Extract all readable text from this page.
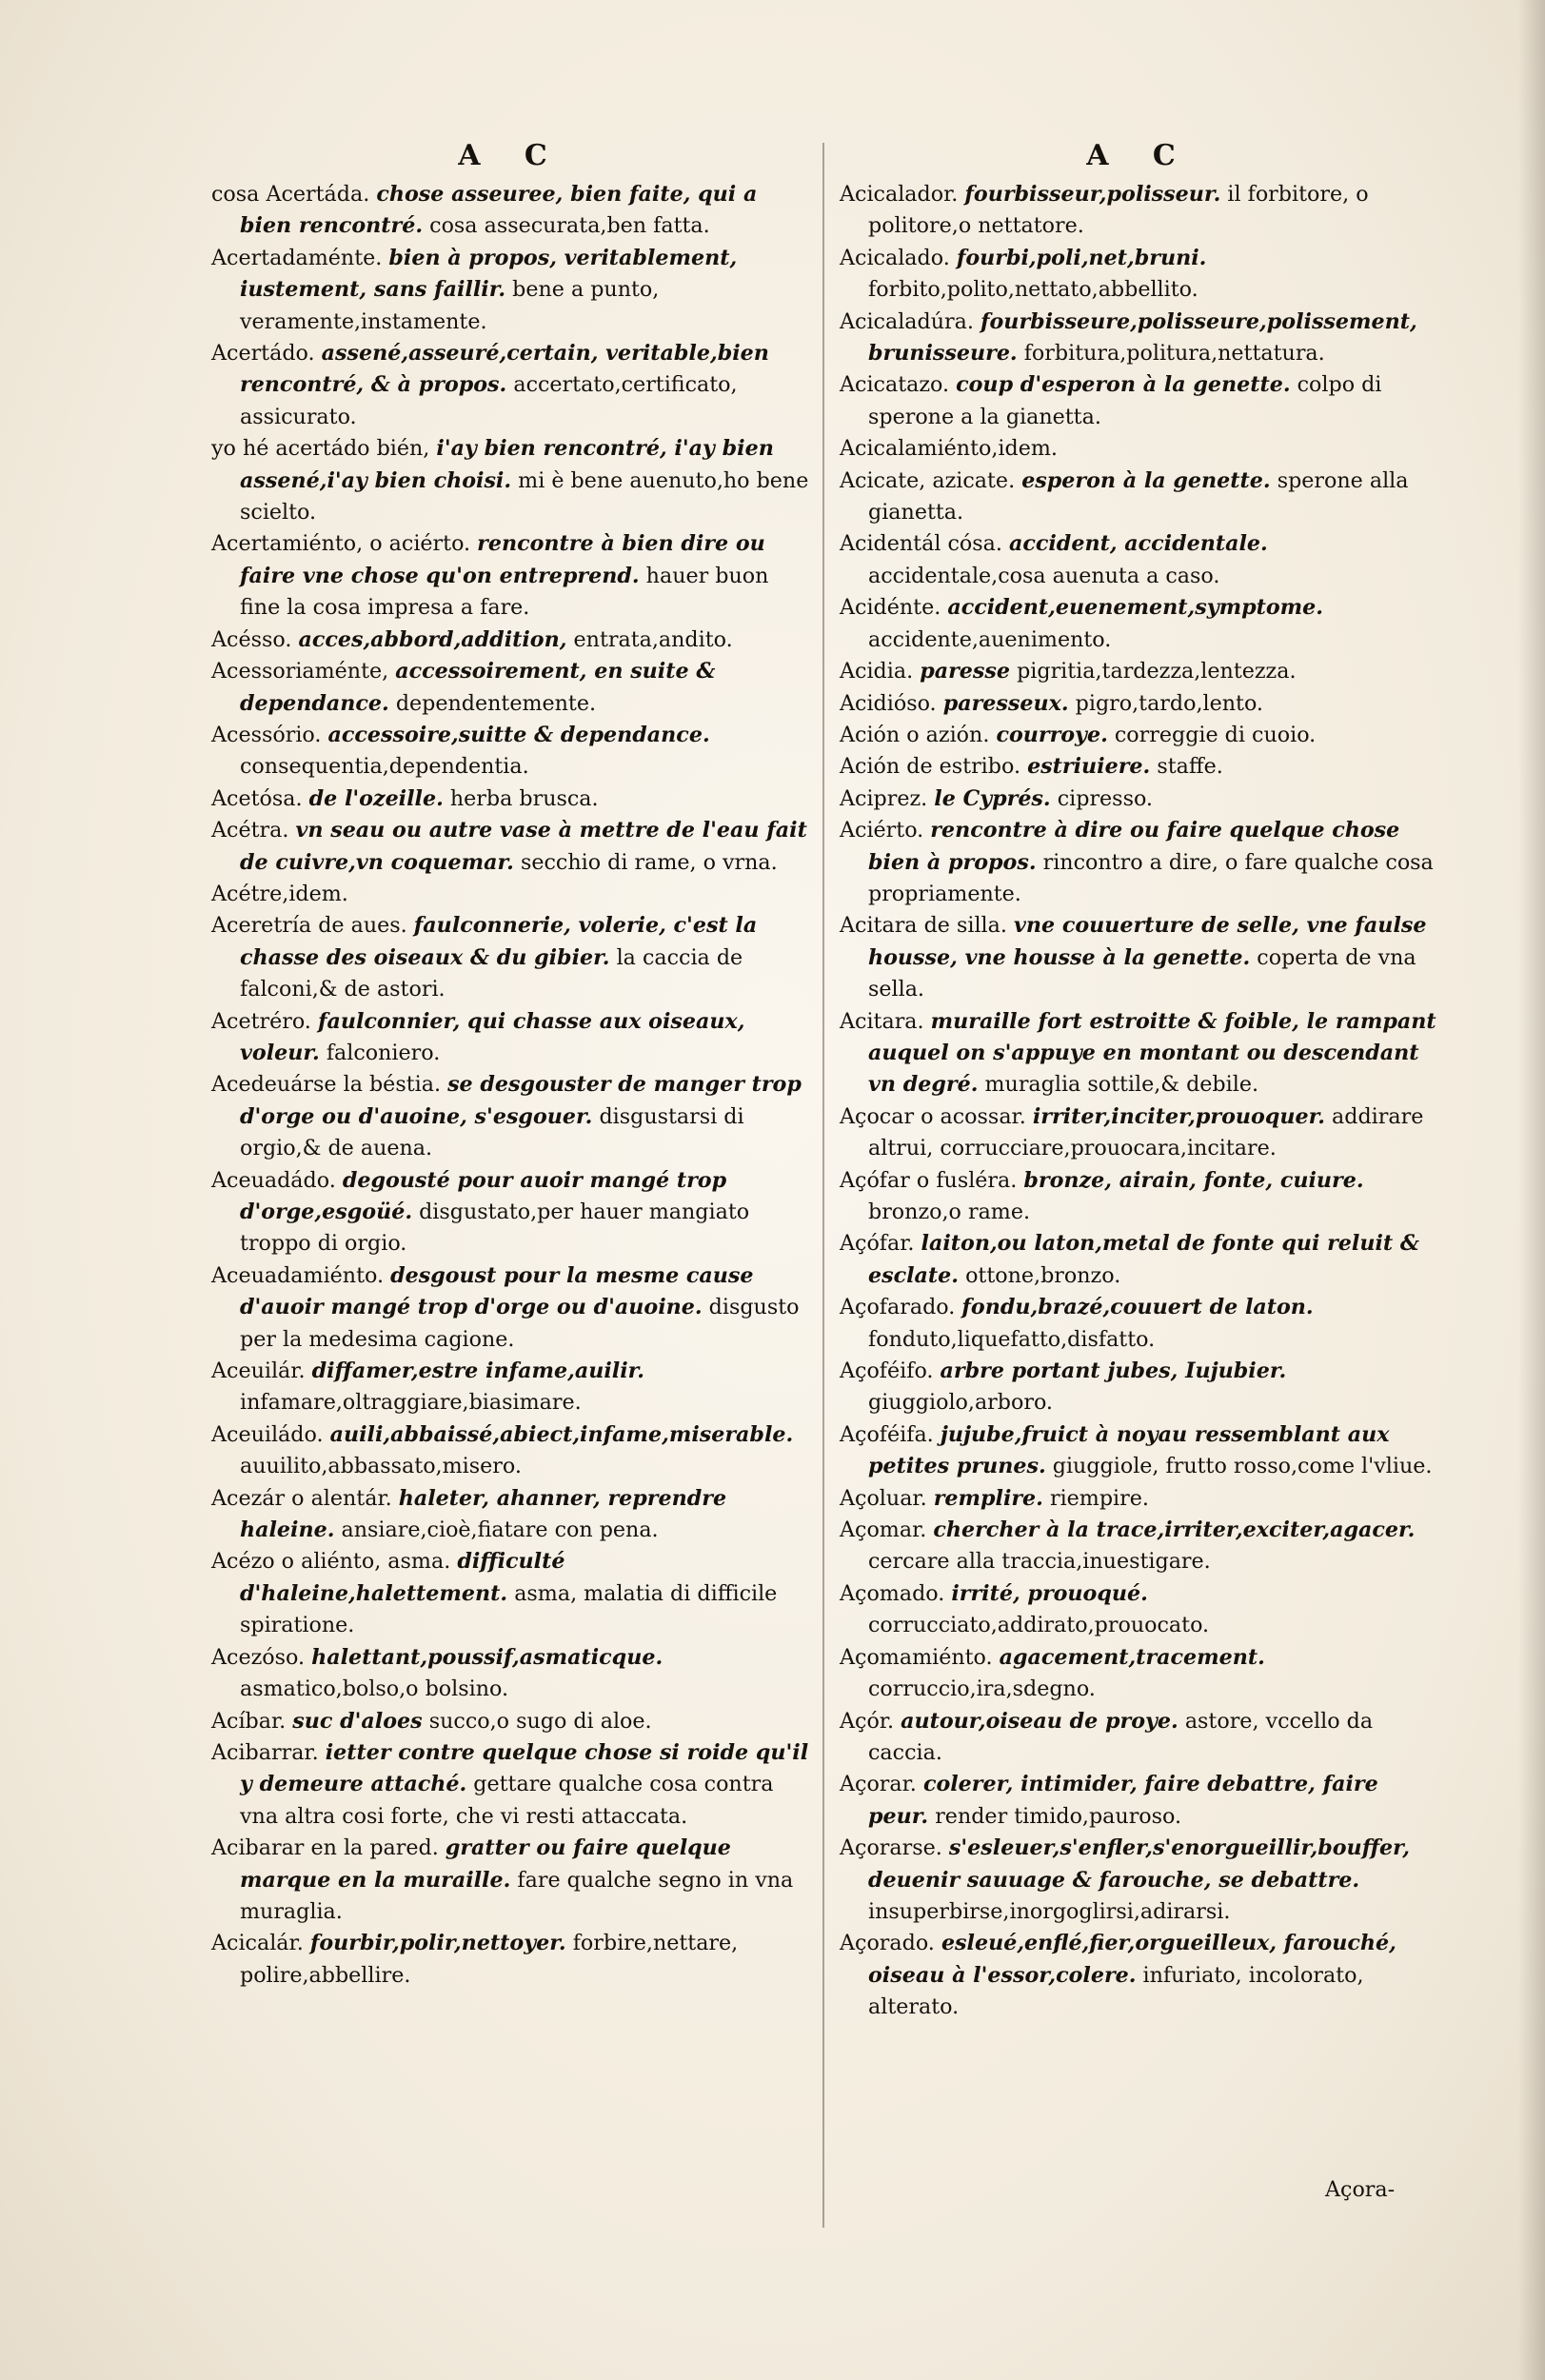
A C

cosa Acertáda. chose asseuree, bien faite, qui a bien rencontré. cosa assecurata,ben fatta.

Acertadaménte. bien à propos, veritablement, iustement, sans faillir. bene a punto, veramente,instamente.

Acertádo. assené,asseuré,certain, veritable,bien rencontré, & à propos. accertato,certificato, assicurato.

yo hé acertádo bién, i'ay bien rencontré, i'ay bien assené,i'ay bien choisi. mi è bene auenuto,ho bene scielto.

Acertamiénto, o aciérto. rencontre à bien dire ou faire vne chose qu'on entreprend. hauer buon fine la cosa impresa a fare.

Acésso. acces,abbord,addition, entrata,andito.

Acessoriaménte, accessoirement, en suite & dependance. dependentemente.

Acessório. accessoire,suitte & dependance. consequentia,dependentia.

Acetósa. de l'ozeille. herba brusca.

Acétra. vn seau ou autre vase à mettre de l'eau fait de cuivre,vn coquemar. secchio di rame, o vrna.

Acétre,idem.

Aceretría de aues. faulconnerie, volerie, c'est la chasse des oiseaux & du gibier. la caccia de falconi,& de astori.

Acetréro. faulconnier, qui chasse aux oiseaux, voleur. falconiero.

Acedeuárse la béstia. se desgouster de manger trop d'orge ou d'auoine, s'esgouer. disgustarsi di orgio,& de auena.

Aceuadádo. degousté pour auoir mangé trop d'orge,esgoüé. disgustato,per hauer mangiato troppo di orgio.

Aceuadamiénto. desgoust pour la mesme cause d'auoir mangé trop d'orge ou d'auoine. disgusto per la medesima cagione.

Aceuilár. diffamer,estre infame,auilir. infamare,oltraggiare,biasimare.

Aceuiládo. auili,abbaissé,abiect,infame,miserable. auuilito,abbassato,misero.

Acezár o alentár. haleter, ahanner, reprendre haleine. ansiare,cioè,fiatare con pena.

Acézo o aliénto, asma. difficulté d'haleine,halettement. asma, malatia di difficile spiratione.

Acezóso. halettant,poussif,asmaticque. asmatico,bolso,o bolsino.

Acíbar. suc d'aloes succo,o sugo di aloe.

Acibarrar. ietter contre quelque chose si roide qu'il y demeure attaché. gettare qualche cosa contra vna altra cosi forte, che vi resti attaccata.

Acibarar en la pared. gratter ou faire quelque marque en la muraille. fare qualche segno in vna muraglia.

Acicalár. fourbir,polir,nettoyer. forbire,nettare, polire,abbellire.

A C

Acicalador. fourbisseur,polisseur. il forbitore, o politore,o nettatore.

Acicalado. fourbi,poli,net,bruni. forbito,polito,nettato,abbellito.

Acicaladúra. fourbisseure,polisseure,polissement, brunisseure. forbitura,politura,nettatura.

Acicatazo. coup d'esperon à la genette. colpo di sperone a la gianetta.

Acicalamiénto,idem.

Acicate, azicate. esperon à la genette. sperone alla gianetta.

Acidentál cósa. accident, accidentale. accidentale,cosa auenuta a caso.

Acidénte. accident,euenement,symptome. accidente,auenimento.

Acidia. paresse pigritia,tardezza,lentezza.

Acidióso. paresseux. pigro,tardo,lento.

Ación o azión. courroye. correggie di cuoio.

Ación de estribo. estriuiere. staffe.

Aciprez. le Cyprés. cipresso.

Aciérto. rencontre à dire ou faire quelque chose bien à propos. rincontro a dire, o fare qualche cosa propriamente.

Acitara de silla. vne couuerture de selle, vne faulse housse, vne housse à la genette. coperta de vna sella.

Acitara. muraille fort estroitte & foible, le rampant auquel on s'appuye en montant ou descendant vn degré. muraglia sottile,& debile.

Açocar o acossar. irriter,inciter,prouoquer. addirare altrui, corrucciare,prouocara,incitare.

Açófar o fusléra. bronze, airain, fonte, cuiure. bronzo,o rame.

Açófar. laiton,ou laton,metal de fonte qui reluit & esclate. ottone,bronzo.

Açofarado. fondu,brazé,couuert de laton. fonduto,liquefatto,disfatto.

Açoféifo. arbre portant jubes, Iujubier. giuggiolo,arboro.

Açoféifa. jujube,fruict à noyau ressemblant aux petites prunes. giuggiole, frutto rosso,come l'vliue.

Açoluar. remplire. riempire.

Açomar. chercher à la trace,irriter,exciter,agacer. cercare alla traccia,inuestigare.

Açomado. irrité, prouoqué. corrucciato,addirato,prouocato.

Açomamiénto. agacement,tracement. corruccio,ira,sdegno.

Açór. autour,oiseau de proye. astore, vccello da caccia.

Açorar. colerer, intimider, faire debattre, faire peur. render timido,pauroso.

Açorarse. s'esleuer,s'enfler,s'enorgueillir,bouffer, deuenir sauuage & farouche, se debattre. insuperbirse,inorgoglirsi,adirarsi.

Açorado. esleué,enflé,fier,orgueilleux, farouché, oiseau à l'essor,colere. infuriato, incolorato, alterato.

Açora-
